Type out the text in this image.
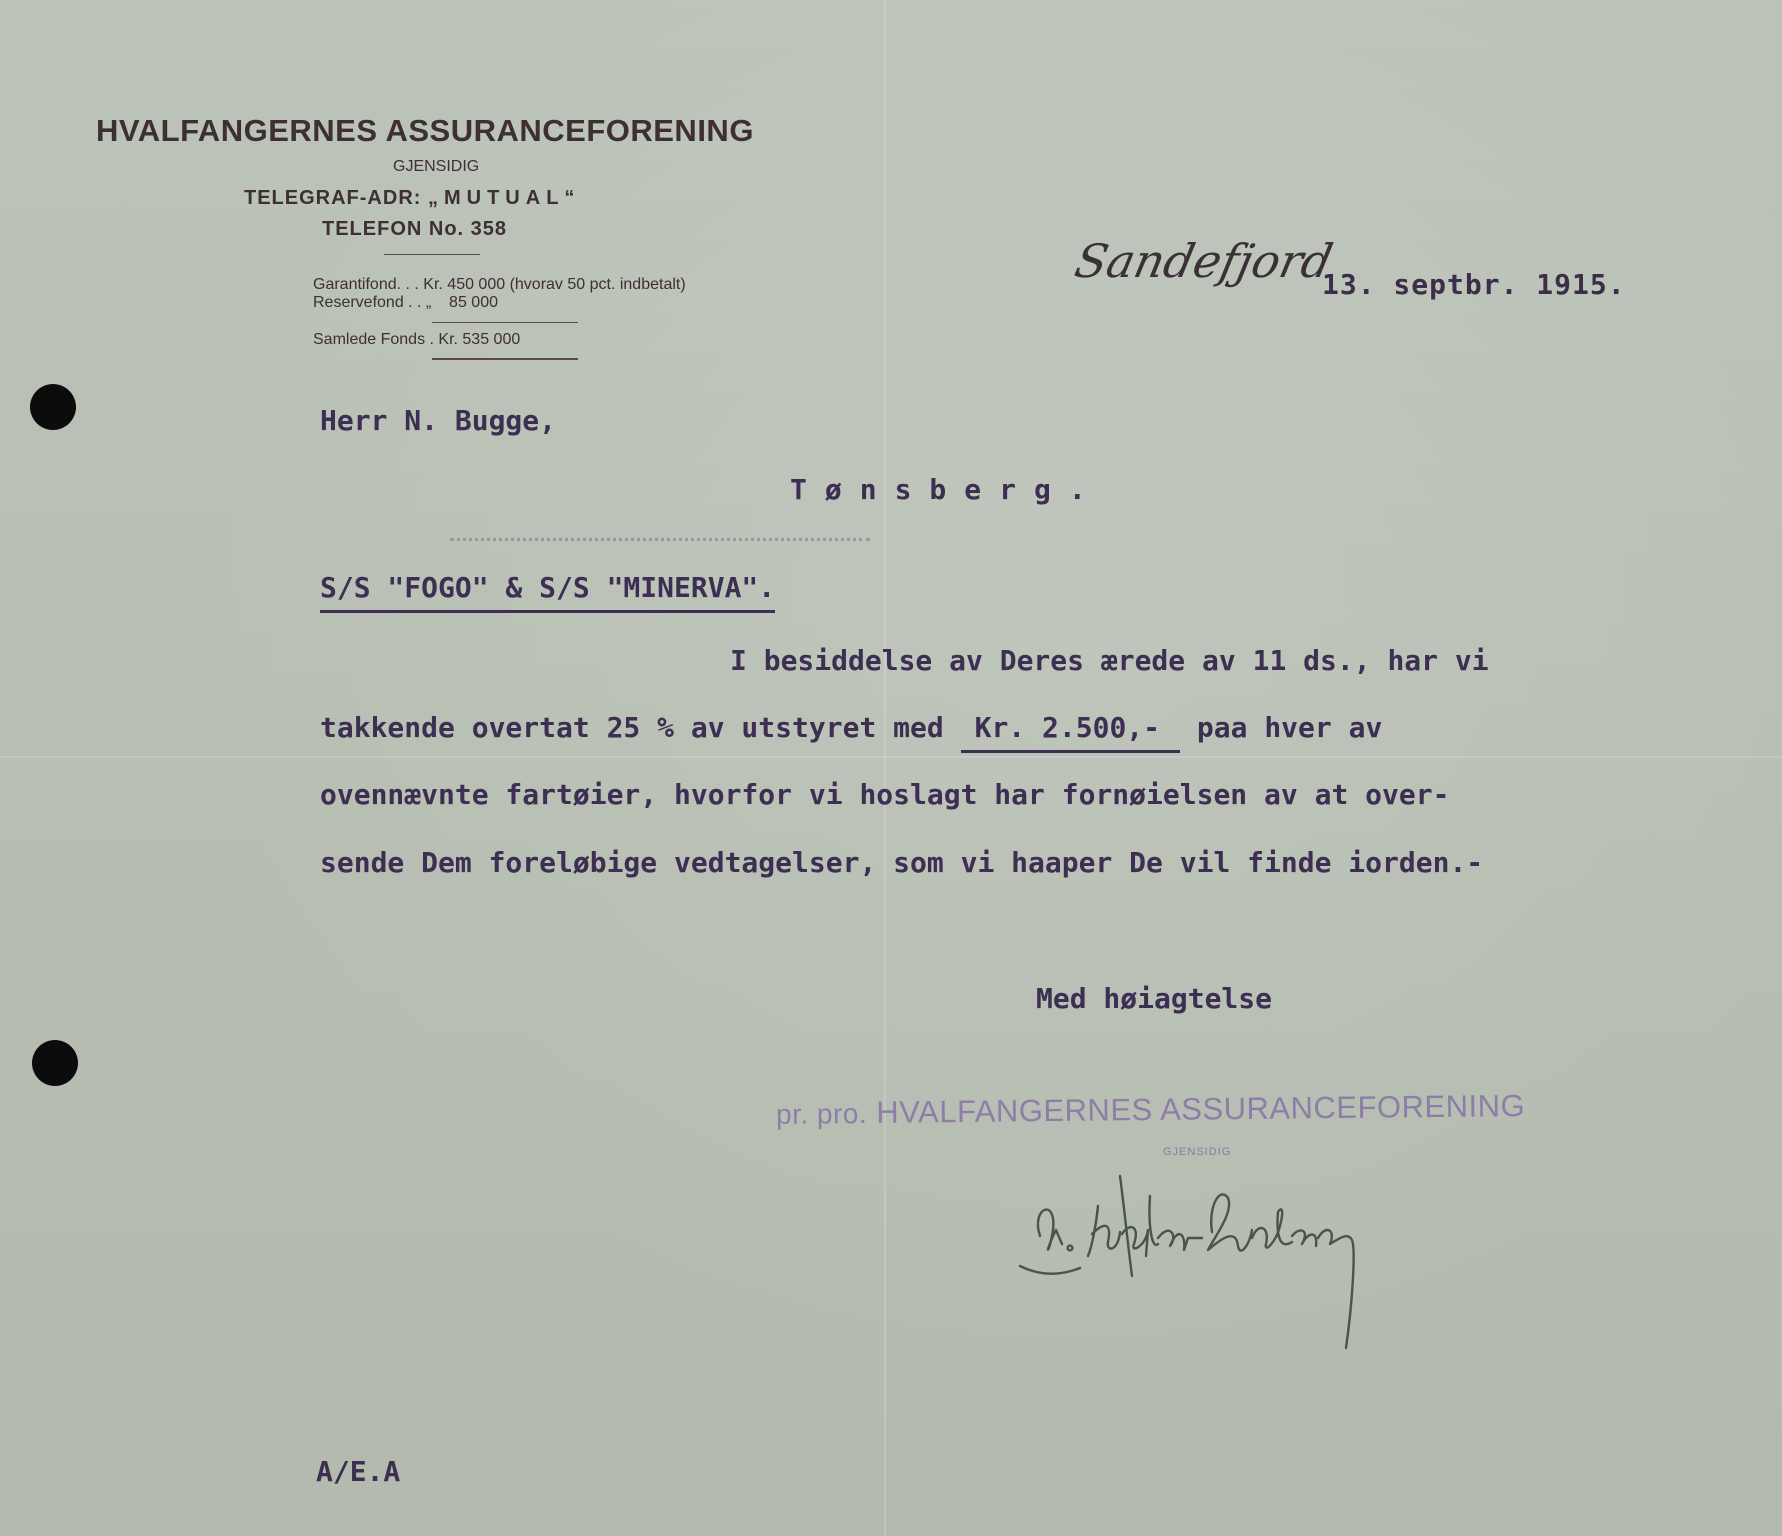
HVALFANGERNES ASSURANCEFORENING
GJENSIDIG
TELEGRAF-ADR: „MUTUAL“
TELEFON No. 358
Garantifond. . . Kr. 450 000 (hvorav 50 pct. indbetalt)
Reservefond . . „    85 000
Samlede Fonds . Kr. 535 000
Sandefjord
13. septbr. 1915.
Herr N. Bugge,
Tønsberg.
S/S "FOGO" & S/S "MINERVA".
I besiddelse av Deres ærede av 11 ds., har vi
takkende overtat 25 % av utstyret med Kr. 2.500,- paa hver av
ovennævnte fartøier, hvorfor vi hoslagt har fornøielsen av at over-
sende Dem foreløbige vedtagelser, som vi haaper De vil finde iorden.-
Med høiagtelse
pr. pro. HVALFANGERNES ASSURANCEFORENING
GJENSIDIG
A/E.A
